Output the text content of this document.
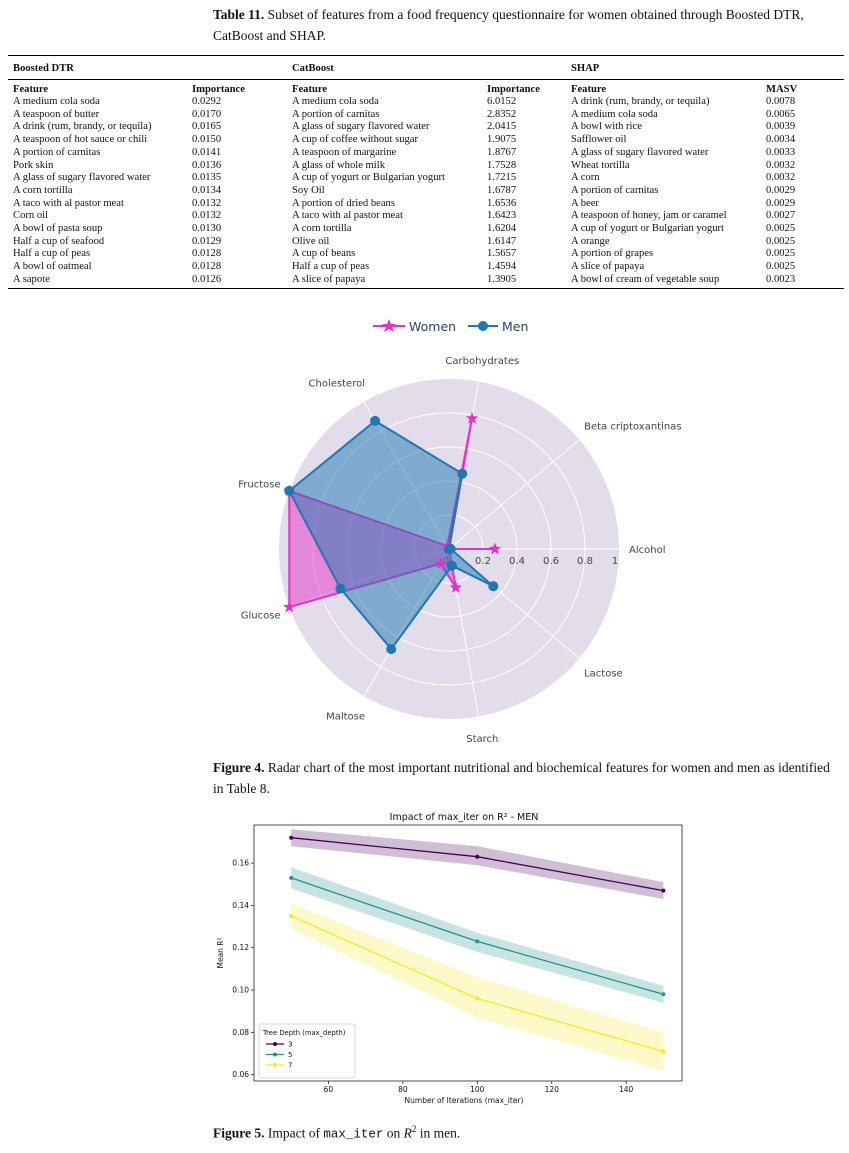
Table 11. Subset of features from a food frequency questionnaire for women obtained through Boosted DTR, CatBoost and SHAP.
Boosted DTR	CatBoost	SHAP
Feature	Importance	Feature	Importance	Feature	MASV
A medium cola soda	0.0292	A medium cola soda	6.0152	A drink (rum, brandy, or tequila)	0.0078
A teaspoon of butter	0.0170	A portion of carnitas	2.8352	A medium cola soda	0.0065
A drink (rum, brandy, or tequila)	0.0165	A glass of sugary flavored water	2.0415	A bowl with rice	0.0039
A teaspoon of hot sauce or chili	0.0150	A cup of coffee without sugar	1.9075	Safflower oil	0.0034
A portion of carnitas	0.0141	A teaspoon of margarine	1.8767	A glass of sugary flavored water	0.0033
Pork skin	0.0136	A glass of whole milk	1.7528	Wheat tortilla	0.0032
A glass of sugary flavored water	0.0135	A cup of yogurt or Bulgarian yogurt	1.7215	A corn	0.0032
A corn tortilla	0.0134	Soy Oil	1.6787	A portion of carnitas	0.0029
A taco with al pastor meat	0.0132	A portion of dried beans	1.6536	A beer	0.0029
Corn oil	0.0132	A taco with al pastor meat	1.6423	A teaspoon of honey, jam or caramel	0.0027
A bowl of pasta soup	0.0130	A corn tortilla	1.6204	A cup of yogurt or Bulgarian yogurt	0.0025
Half a cup of seafood	0.0129	Olive oil	1.6147	A orange	0.0025
Half a cup of peas	0.0128	A cup of beans	1.5657	A portion of grapes	0.0025
A bowl of oatmeal	0.0128	Half a cup of peas	1.4594	A slice of papaya	0.0025
A sapote	0.0126	A slice of papaya	1.3905	A bowl of cream of vegetable soup	0.0023
Women	Men
0.2 0.4 0.6 0.8 1
Alcohol
Beta criptoxantinas
Carbohydrates
Cholesterol
Fructose
Glucose
Maltose
Starch
Lactose
Figure 4. Radar chart of the most important nutritional and biochemical features for women and men as identified in Table 8.
Impact of max_iter on R² - MEN
60	80	100	120	140
0.06
0.08
0.10
0.12
0.14
0.16
Number of Iterations (max_iter)
Mean R²
Tree Depth (max_depth)
3
5
7
Figure 5. Impact of max_iter on $R^2$ in men.
